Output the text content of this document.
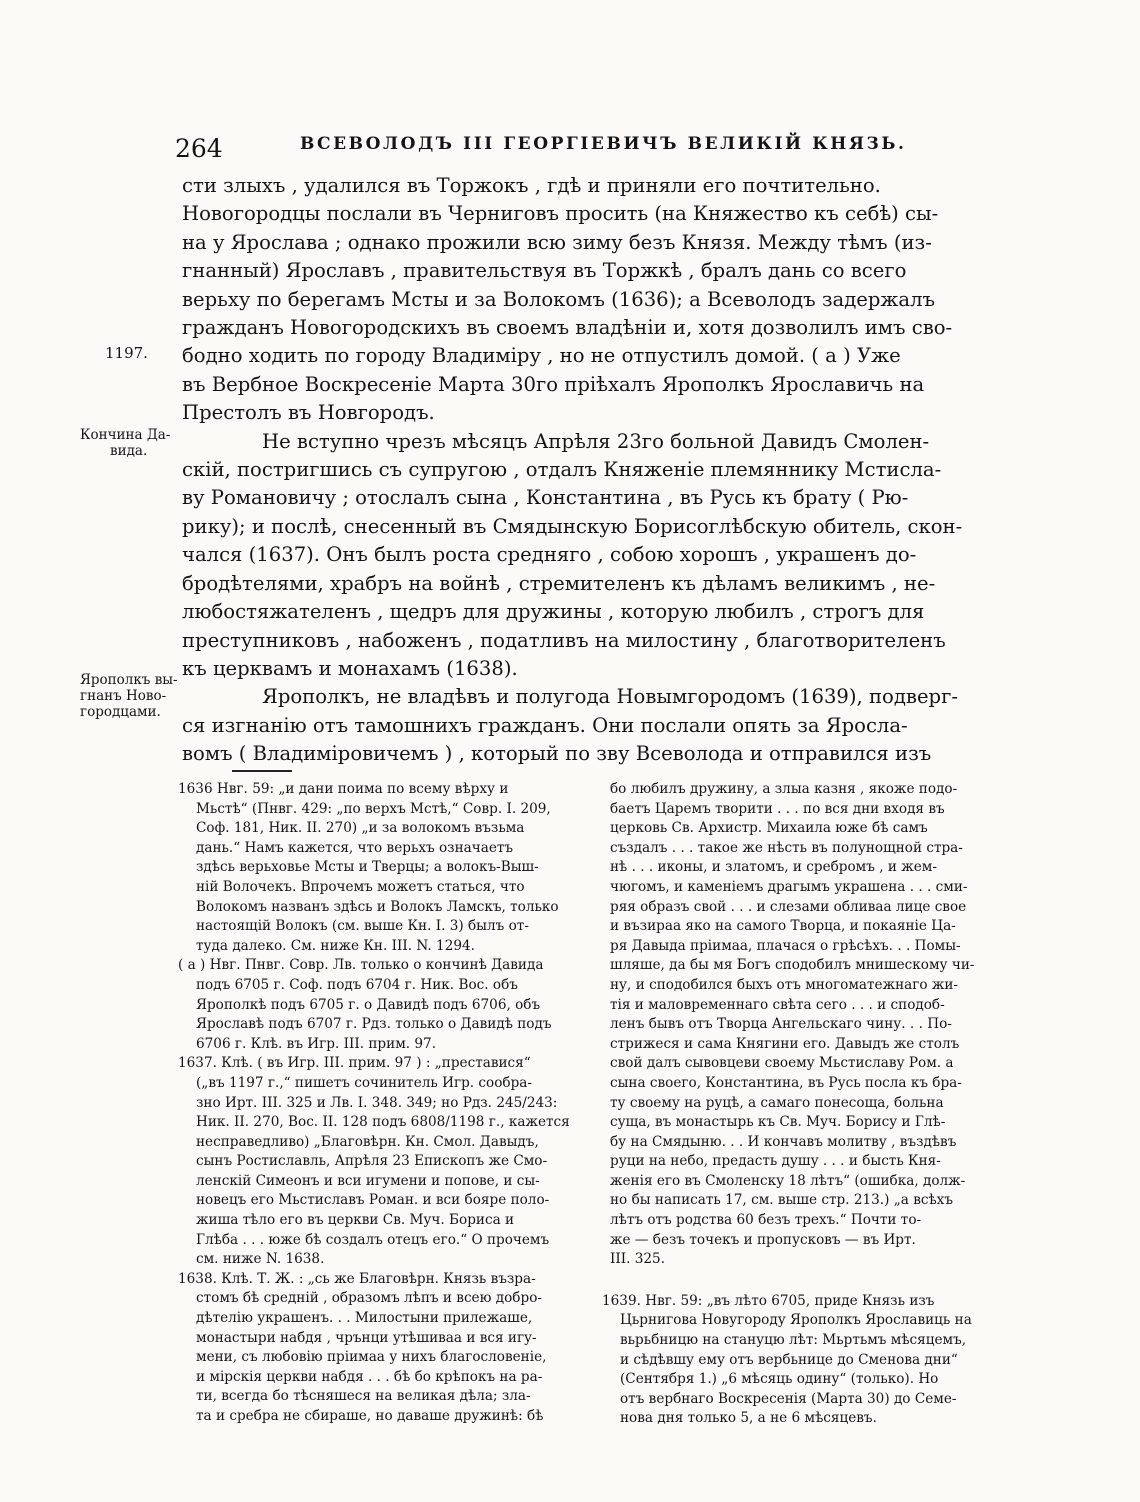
264	ВСЕВОЛОДЪ III ГЕОРГІЕВИЧЪ ВЕЛИКІЙ КНЯЗЬ.
1197.
Кончина Да-
вида.
Ярополкъ вы-
гнанъ Ново-
городцами.

сти злыхъ , удалился въ Торжокъ , гдѣ и приняли его почтительно.
Новогородцы послали въ Черниговъ просить (на Княжество къ себѣ) сы-
на у Ярослава ; однако прожили всю зиму безъ Князя. Между тѣмъ (из-
гнанный) Ярославъ , правительствуя въ Торжкѣ , бралъ дань со всего
верьху по берегамъ Мсты и за Волокомъ (1636); а Всеволодъ задержалъ
гражданъ Новогородскихъ въ своемъ владѣніи и, хотя дозволилъ имъ сво-
бодно ходить по городу Владиміру , но не отпустилъ домой. ( а ) Уже
въ Вербное Воскресеніе Марта 30го пріѣхалъ Ярополкъ Ярославичь на
Престолъ въ Новгородъ.

Не вступно чрезъ мѣсяцъ Апрѣля 23го больной Давидъ Смолен-
скій, постригшись съ супругою , отдалъ Княженіе племяннику Мстисла-
ву Романовичу ; отослалъ сына , Константина , въ Русь къ брату ( Рю-
рику); и послѣ, снесенный въ Смядынскую Борисоглѣбскую обитель, скон-
чался (1637). Онъ былъ роста средняго , собою хорошъ , украшенъ до-
бродѣтелями, храбръ на войнѣ , стремителенъ къ дѣламъ великимъ , не-
любостяжателенъ , щедръ для дружины , которую любилъ , строгъ для
преступниковъ , набоженъ , податливъ на милостину , благотворителенъ
къ церквамъ и монахамъ (1638).

Ярополкъ, не владѣвъ и полугода Новымгородомъ (1639), подверг-
ся изгнанію отъ тамошнихъ гражданъ. Они послали опять за Яросла-
вомъ ( Владиміровичемъ ) , который по зву Всеволода и отправился изъ

1636 Нвг. 59: „и дани поима по всему вѣрху и
Мьстѣ“ (Пнвг. 429: „по верхъ Мстѣ,“ Совр. I. 209,
Соф. 181, Ник. II. 270) „и за волокомъ възьма
дань.“ Намъ кажется, что верьхъ означаетъ
здѣсь верьховье Мсты и Тверцы; а волокъ-Выш-
ній Волочекъ. Впрочемъ можетъ статься, что
Волокомъ названъ здѣсь и Волокъ Ламскъ, только
настоящій Волокъ (см. выше Кн. I. 3) былъ от-
туда далеко. См. ниже Кн. III. N. 1294.
( а ) Нвг. Пнвг. Совр. Лв. только о кончинѣ Давида
подъ 6705 г. Соф. подъ 6704 г. Ник. Вос. объ
Ярополкѣ подъ 6705 г. о Давидѣ подъ 6706, объ
Ярославѣ подъ 6707 г. Рдз. только о Давидѣ подъ
6706 г. Клѣ. въ Игр. III. прим. 97.
1637. Клѣ. ( въ Игр. III. прим. 97 ) : „преставися“
(„въ 1197 г.,“ пишетъ сочинитель Игр. сообра-
зно Ирт. III. 325 и Лв. I. 348. 349; но Рдз. 245/243:
Ник. II. 270, Вос. II. 128 подъ 6808/1198 г., кажется
несправедливо) „Благовѣрн. Кн. Смол. Давыдъ,
сынъ Ростиславль, Апрѣля 23 Епископъ же Смо-
ленскій Симеонъ и вси игумени и попове, и сы-
новецъ его Мьстиславъ Роман. и вси бояре поло-
жиша тѣло его въ церкви Св. Муч. Бориса и
Глѣба . . . юже бѣ создалъ отецъ его.“ О прочемъ
см. ниже N. 1638.
1638. Клѣ. Т. Ж. : „сь же Благовѣрн. Князь възра-
стомъ бѣ среднiй , образомъ лѣпъ и всею добро-
дѣтелію украшенъ. . . Милостыни прилежаше,
монастыри набдя , чрънци утѣшиваа и вся игу-
мени, съ любовію пріимаа у нихъ благословеніе,
и мірскія церкви набдя . . . бѣ бо крѣпокъ на ра-
ти, всегда бо тѣсняшеся на великая дѣла; зла-
та и сребра не сбираше, но даваше дружинѣ: бѣ
бо любилъ дружину, а злыа казня , якоже подо-
баетъ Царемъ творити . . . по вся дни входя въ
церковь Св. Архистр. Михаила юже бѣ самъ
създалъ . . . такое же нѣсть въ полунощной стра-
нѣ . . . иконы, и златомъ, и сребромъ , и жем-
чюгомъ, и каменіемъ драгымъ украшена . . . сми-
ряя образъ свой . . . и слезами обливаа лице свое
и възираа яко на самого Творца, и покаяніе Ца-
ря Давыда пріимаа, плачася о грѣсѣхъ. . . Помы-
шляше, да бы мя Богъ сподобилъ мнишескому чи-
ну, и сподобился быхъ отъ многоматежнаго жи-
тія и маловременнаго свѣта сего . . . и сподоб-
ленъ бывъ отъ Творца Ангельскаго чину. . . По-
стрижеся и сама Княгини его. Давыдъ же столъ
свой далъ сывовцеви своему Мьстиславу Ром. а
сына своего, Константина, въ Русь посла къ бра-
ту своему на руцѣ, а самаго понесоща, больна
суща, въ монастырь къ Св. Муч. Борису и Глѣ-
бу на Смядыню. . . И кончавъ молитву , въздѣвъ
руци на небо, предасть душу . . . и бысть Кня-
женія его въ Смоленску 18 лѣтъ“ (ошибка, долж-
но бы написать 17, см. выше стр. 213.) „а всѣхъ
лѣтъ отъ родства 60 безъ трехъ.“ Почти то-
же — безъ точекъ и пропусковъ — въ Ирт.
III. 325.
1639. Нвг. 59: „въ лѣто 6705, приде Князь изъ
Цьрнигова Новугороду Ярополкъ Ярославиць на
вьрьбницю на стануцю лѣт: Мьртьмъ мѣсяцемъ,
и сѣдѣвшу ему отъ вербьнице до Сменова дни“
(Сентября 1.) „6 мѣсяць одину“ (только). Но
отъ вербнаго Воскресенія (Марта 30) до Семе-
нова дня только 5, а не 6 мѣсяцевъ.
